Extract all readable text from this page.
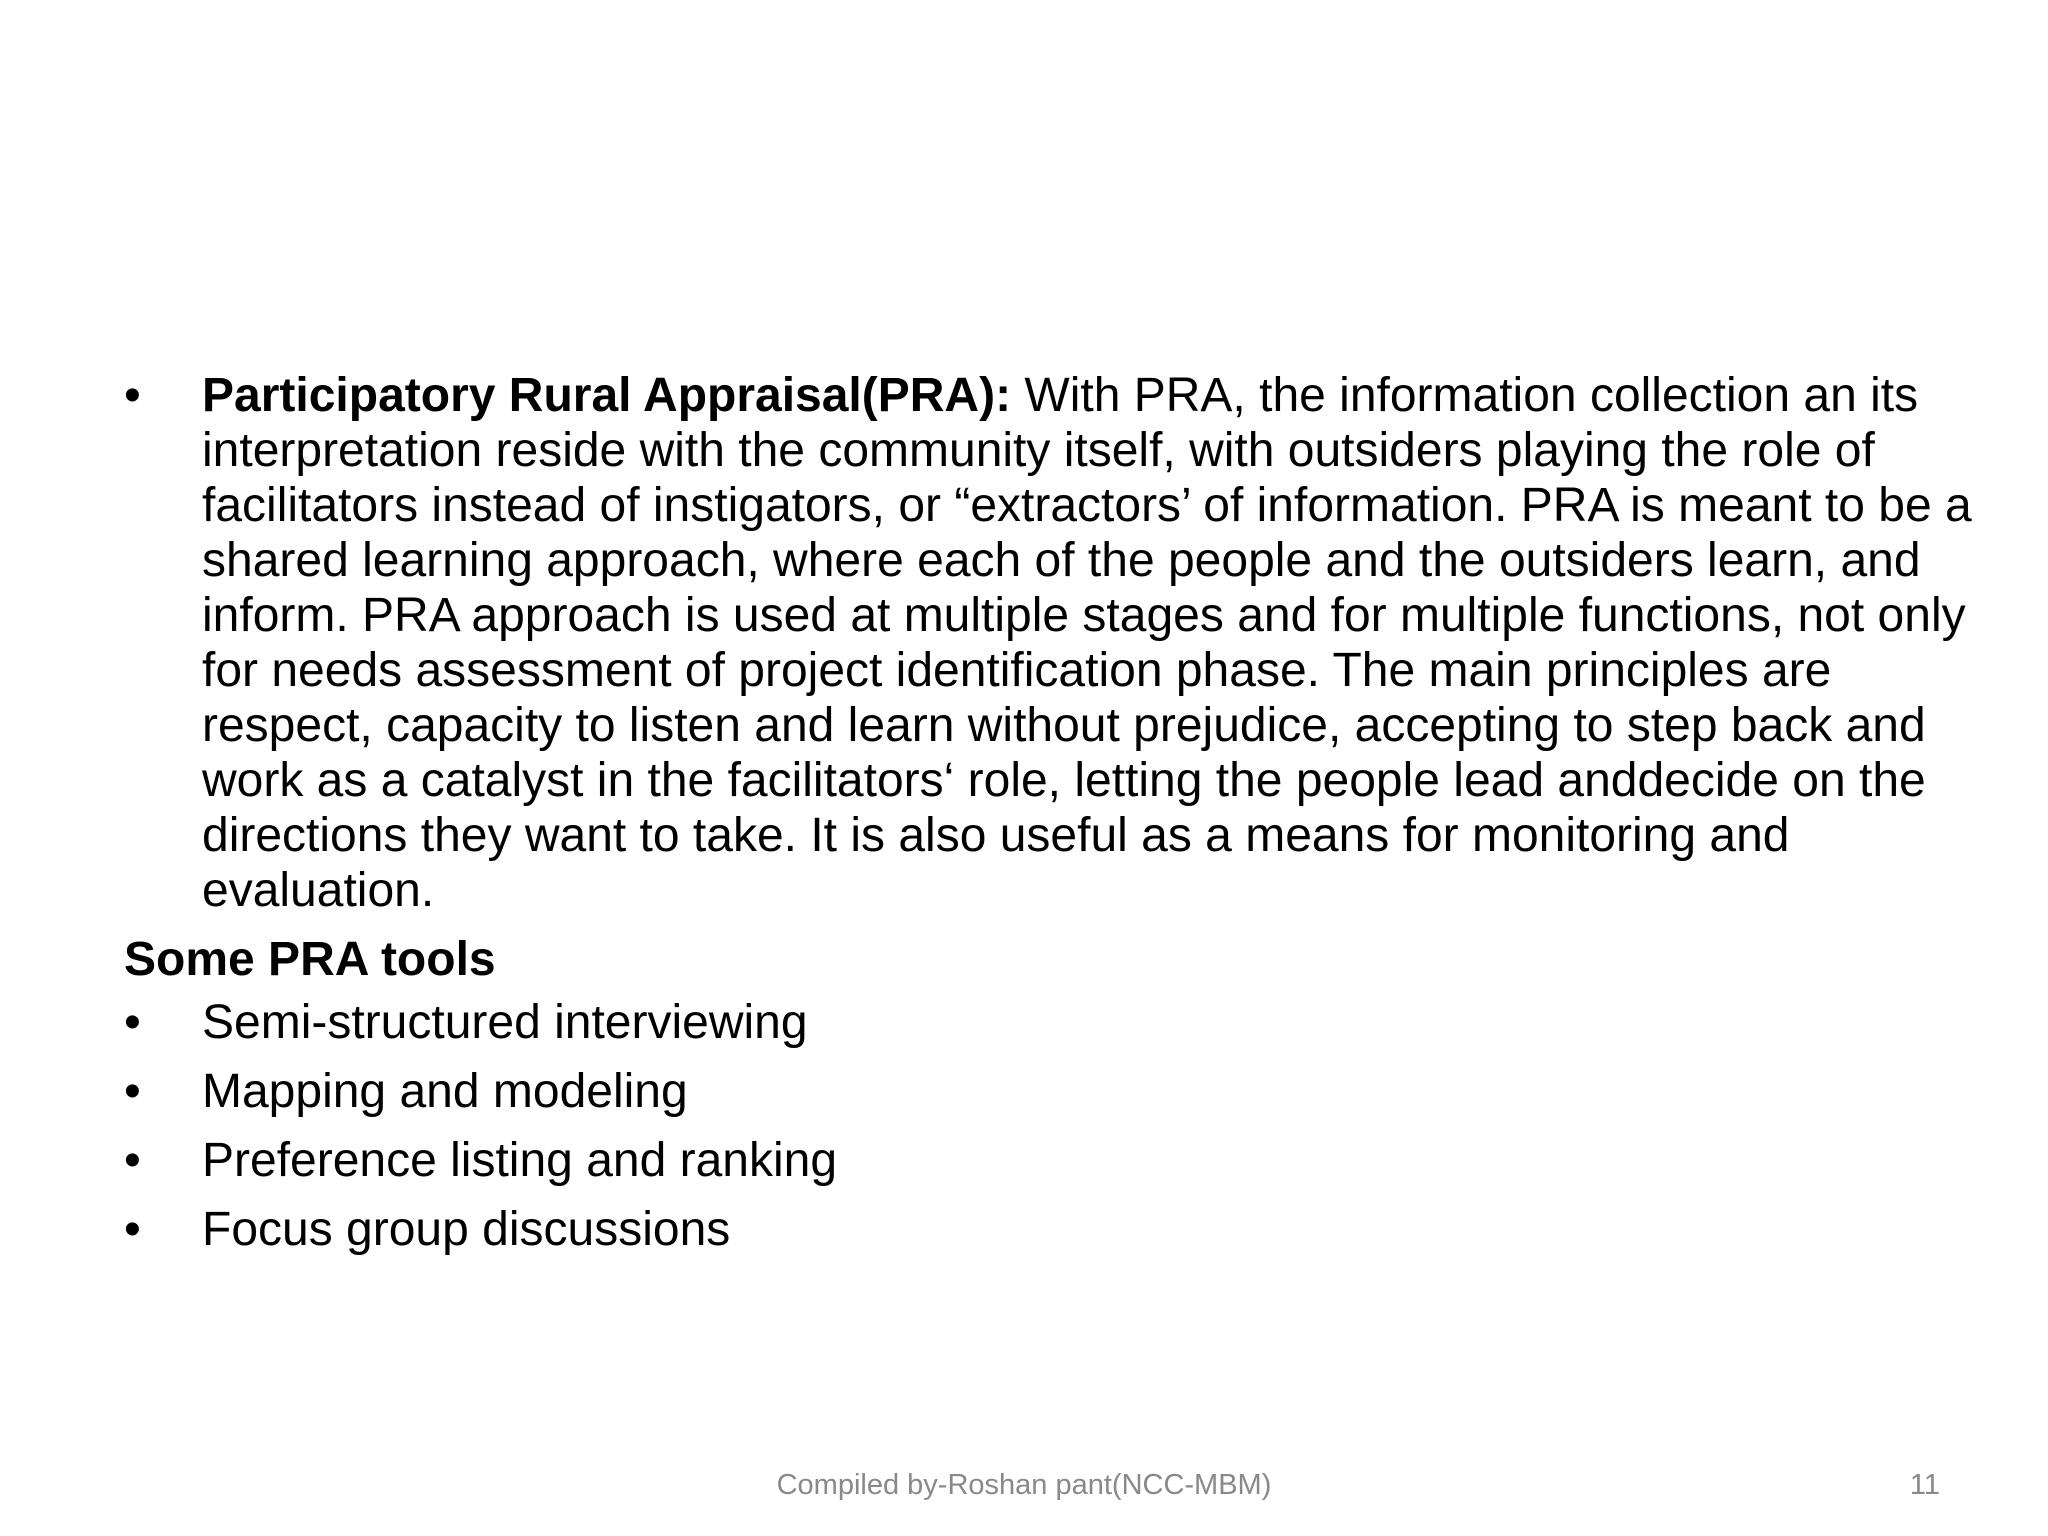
• Participatory Rural Appraisal(PRA): With PRA, the information collection an its interpretation reside with the community itself, with outsiders playing the role of facilitators instead of instigators, or “extractors’ of information. PRA is meant to be a shared learning approach, where each of the people and the outsiders learn, and inform. PRA approach is used at multiple stages and for multiple functions, not only for needs assessment of project identification phase. The main principles are respect, capacity to listen and learn without prejudice, accepting to step back and work as a catalyst in the facilitators‘ role, letting the people lead anddecide on the directions they want to take. It is also useful as a means for monitoring and evaluation.
Some PRA tools
• Semi-structured interviewing
• Mapping and modeling
• Preference listing and ranking
• Focus group discussions
Compiled by-Roshan pant(NCC-MBM)	11
